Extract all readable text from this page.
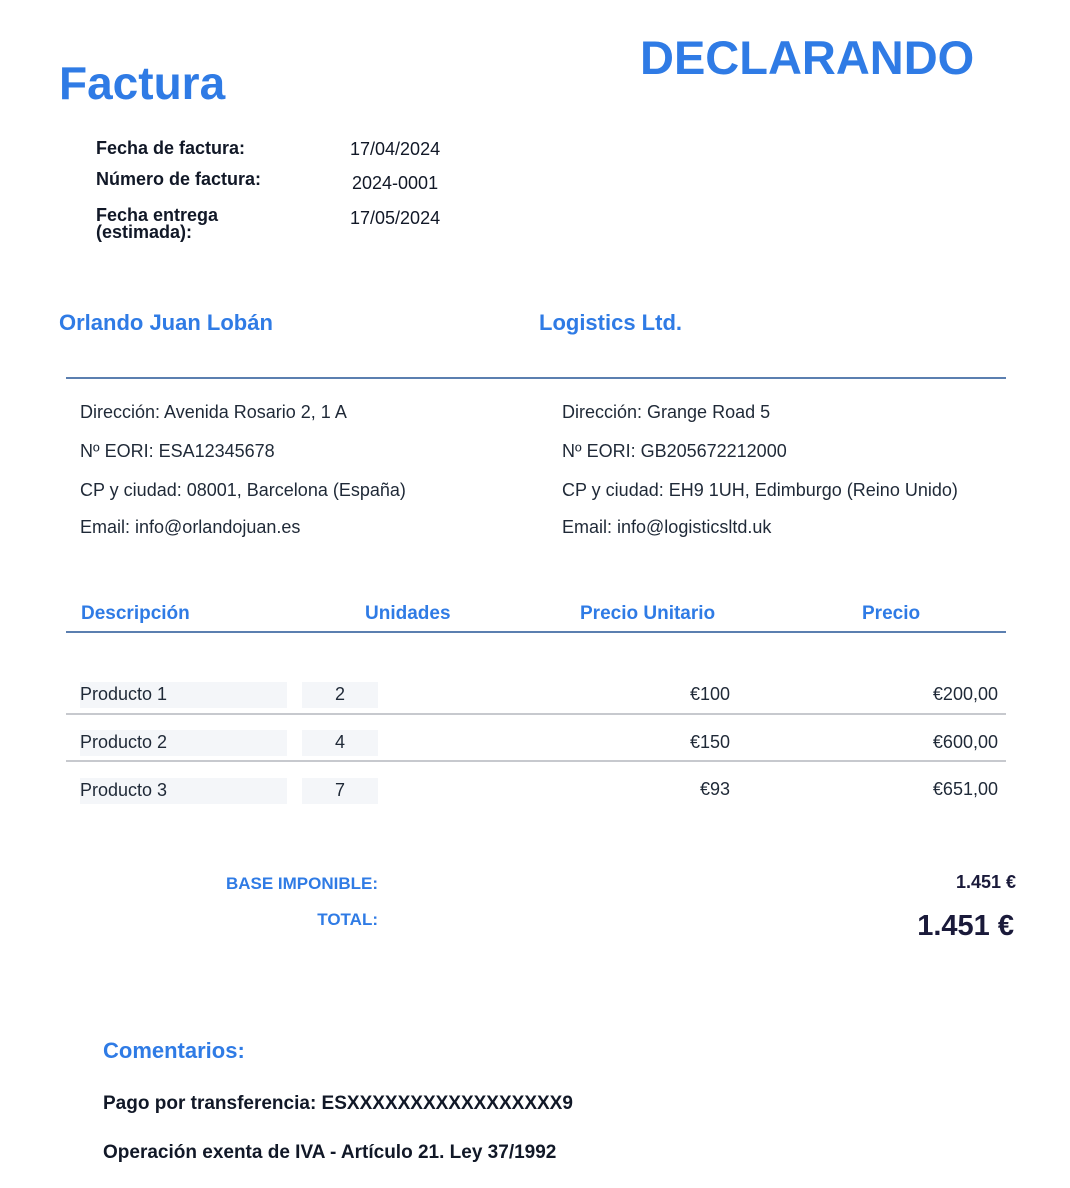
Factura	DECLARANDO
Fecha de factura:	17/04/2024
Número de factura:	2024-0001
Fecha entrega
(estimada):
17/05/2024
Orlando Juan Lobán	Logistics Ltd.
Dirección: Avenida Rosario 2, 1 A
Nº EORI: ESA12345678
CP y ciudad: 08001, Barcelona (España)
Email: info@orlandojuan.es
Dirección: Grange Road 5
Nº EORI: GB205672212000
CP y ciudad: EH9 1UH, Edimburgo (Reino Unido)
Email: info@logisticsltd.uk
Descripción	Unidades	Precio Unitario	Precio
Producto 1	2	€100	€200,00
Producto 2	4	€150	€600,00
Producto 3	7	€93	€651,00
BASE IMPONIBLE:	1.451 €
TOTAL:	1.451 €
Comentarios:
Pago por transferencia: ESXXXXXXXXXXXXXXXXX9
Operación exenta de IVA - Artículo 21. Ley 37/1992
